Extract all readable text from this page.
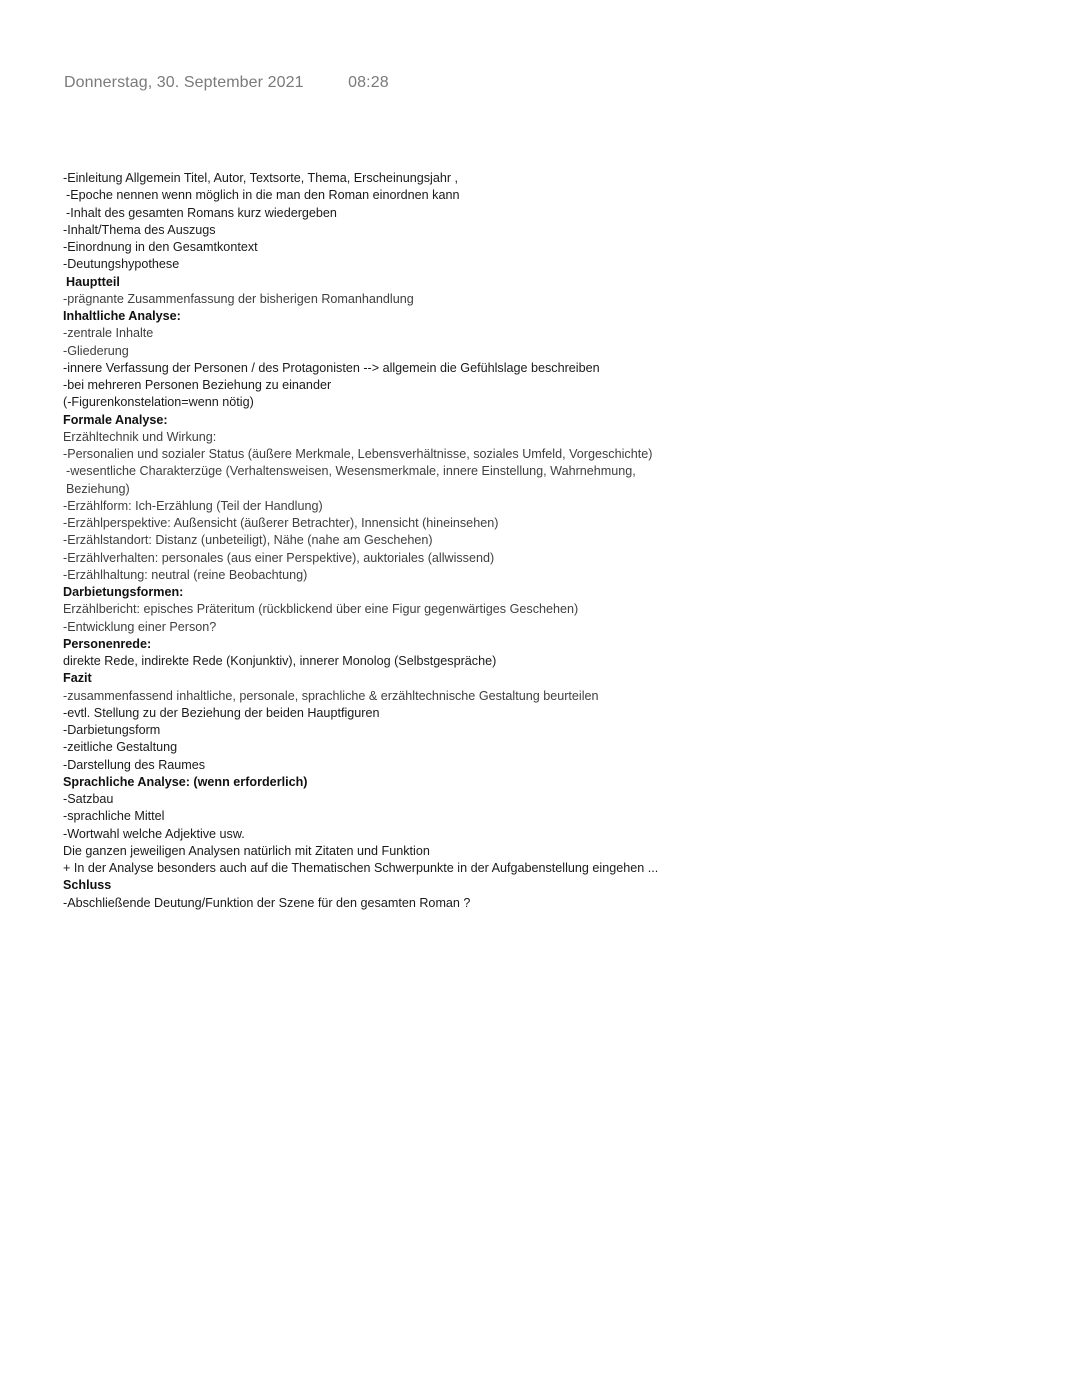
Donnerstag, 30. September 2021	08:28
-Einleitung Allgemein Titel, Autor, Textsorte, Thema, Erscheinungsjahr ,
-Epoche nennen wenn möglich in die man den Roman einordnen kann
-Inhalt des gesamten Romans kurz wiedergeben
-Inhalt/Thema des Auszugs
-Einordnung in den Gesamtkontext
-Deutungshypothese
Hauptteil
-prägnante Zusammenfassung der bisherigen Romanhandlung
Inhaltliche Analyse:
-zentrale Inhalte
-Gliederung
-innere Verfassung der Personen / des Protagonisten --> allgemein die Gefühlslage beschreiben
-bei mehreren Personen Beziehung zu einander
(-Figurenkonstelation=wenn nötig)
Formale Analyse:
Erzähltechnik und Wirkung:
-Personalien und sozialer Status (äußere Merkmale, Lebensverhältnisse, soziales Umfeld, Vorgeschichte)
-wesentliche Charakterzüge (Verhaltensweisen, Wesensmerkmale, innere Einstellung, Wahrnehmung, Beziehung)
-Erzählform: Ich-Erzählung (Teil der Handlung)
-Erzählperspektive: Außensicht (äußerer Betrachter), Innensicht (hineinsehen)
-Erzählstandort: Distanz (unbeteiligt), Nähe (nahe am Geschehen)
-Erzählverhalten: personales (aus einer Perspektive), auktoriales (allwissend)
-Erzählhaltung: neutral (reine Beobachtung)
Darbietungsformen:
Erzählbericht: episches Präteritum (rückblickend über eine Figur gegenwärtiges Geschehen)
-Entwicklung einer Person?
Personenrede:
direkte Rede, indirekte Rede (Konjunktiv), innerer Monolog (Selbstgespräche)
Fazit
-zusammenfassend inhaltliche, personale, sprachliche & erzähltechnische Gestaltung beurteilen
-evtl. Stellung zu der Beziehung der beiden Hauptfiguren
-Darbietungsform
-zeitliche Gestaltung
-Darstellung des Raumes
Sprachliche Analyse: (wenn erforderlich)
-Satzbau
-sprachliche Mittel
-Wortwahl welche Adjektive usw.
Die ganzen jeweiligen Analysen natürlich mit Zitaten und Funktion
+ In der Analyse besonders auch auf die Thematischen Schwerpunkte in der Aufgabenstellung eingehen ...
Schluss
-Abschließende Deutung/Funktion der Szene für den gesamten Roman ?
